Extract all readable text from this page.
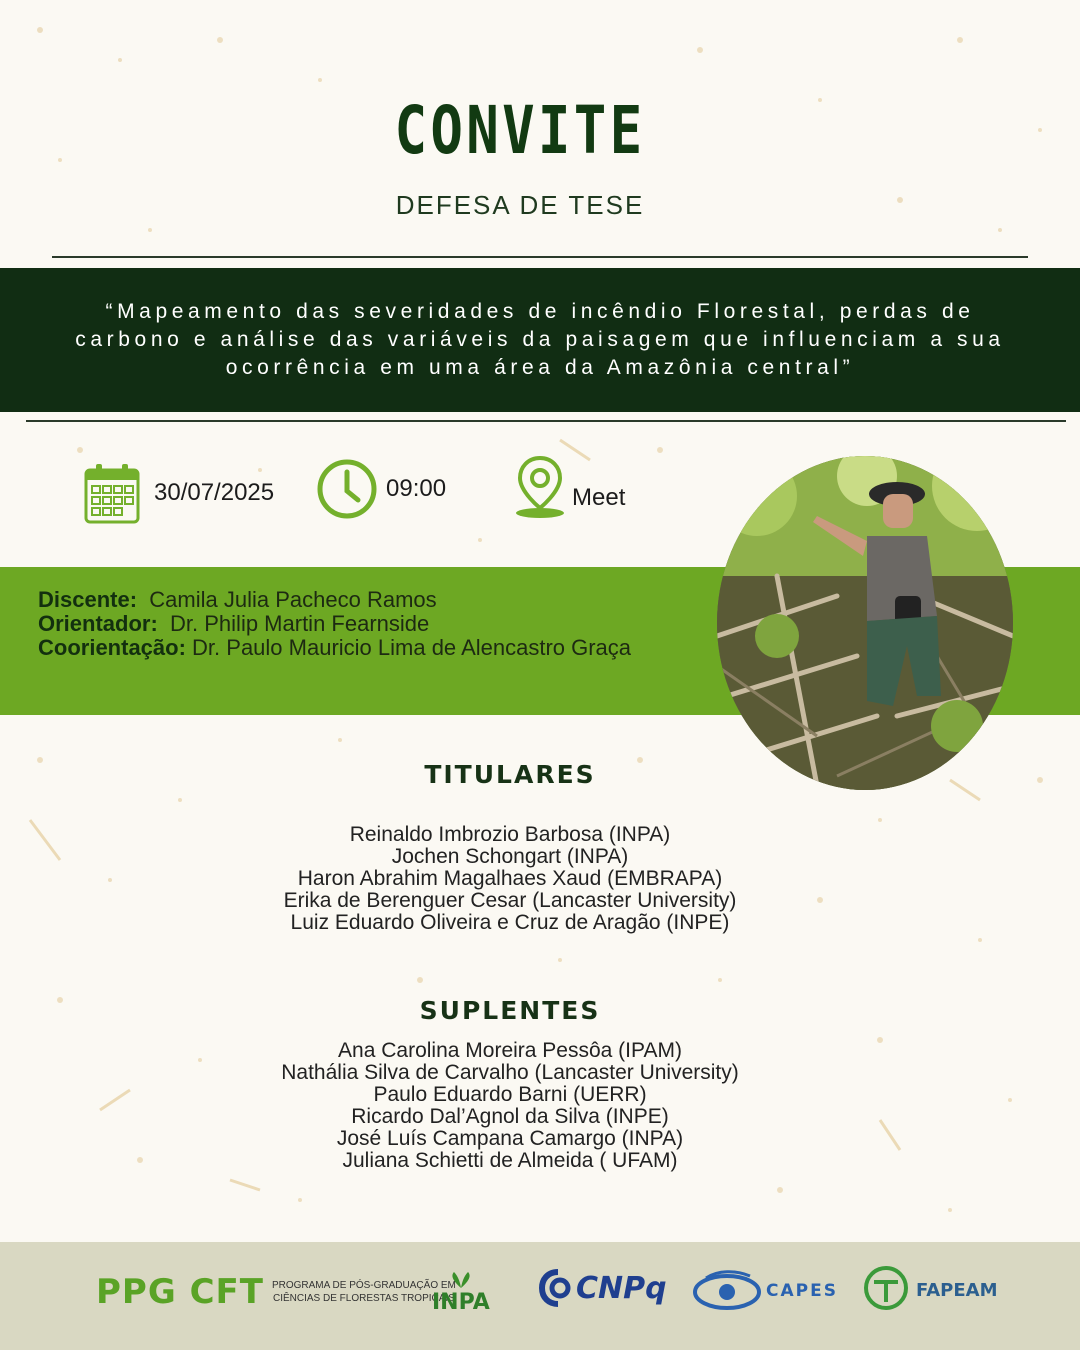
CONVITE
DEFESA DE TESE
“Mapeamento das severidades de incêndio Florestal, perdas de
carbono e análise das variáveis da paisagem que influenciam a sua
ocorrência em uma área da Amazônia central”
30/07/2025	09:00	Meet
Discente: Camila Julia Pacheco Ramos
Orientador: Dr. Philip Martin Fearnside
Coorientação: Dr. Paulo Mauricio Lima de Alencastro Graça
TITULARES
Reinaldo Imbrozio Barbosa (INPA)
Jochen Schongart (INPA)
Haron Abrahim Magalhaes Xaud (EMBRAPA)
Erika de Berenguer Cesar (Lancaster University)
Luiz Eduardo Oliveira e Cruz de Aragão (INPE)
SUPLENTES
Ana Carolina Moreira Pessôa (IPAM)
Nathália Silva de Carvalho (Lancaster University)
Paulo Eduardo Barni (UERR)
Ricardo Dal’Agnol da Silva (INPE)
José Luís Campana Camargo (INPA)
Juliana Schietti de Almeida ( UFAM)
PPG CFT PROGRAMA DE PÓS-GRADUAÇÃO EM
CIÊNCIAS DE FLORESTAS TROPICAIS
INPA	CNPq	CAPES	FAPEAM
